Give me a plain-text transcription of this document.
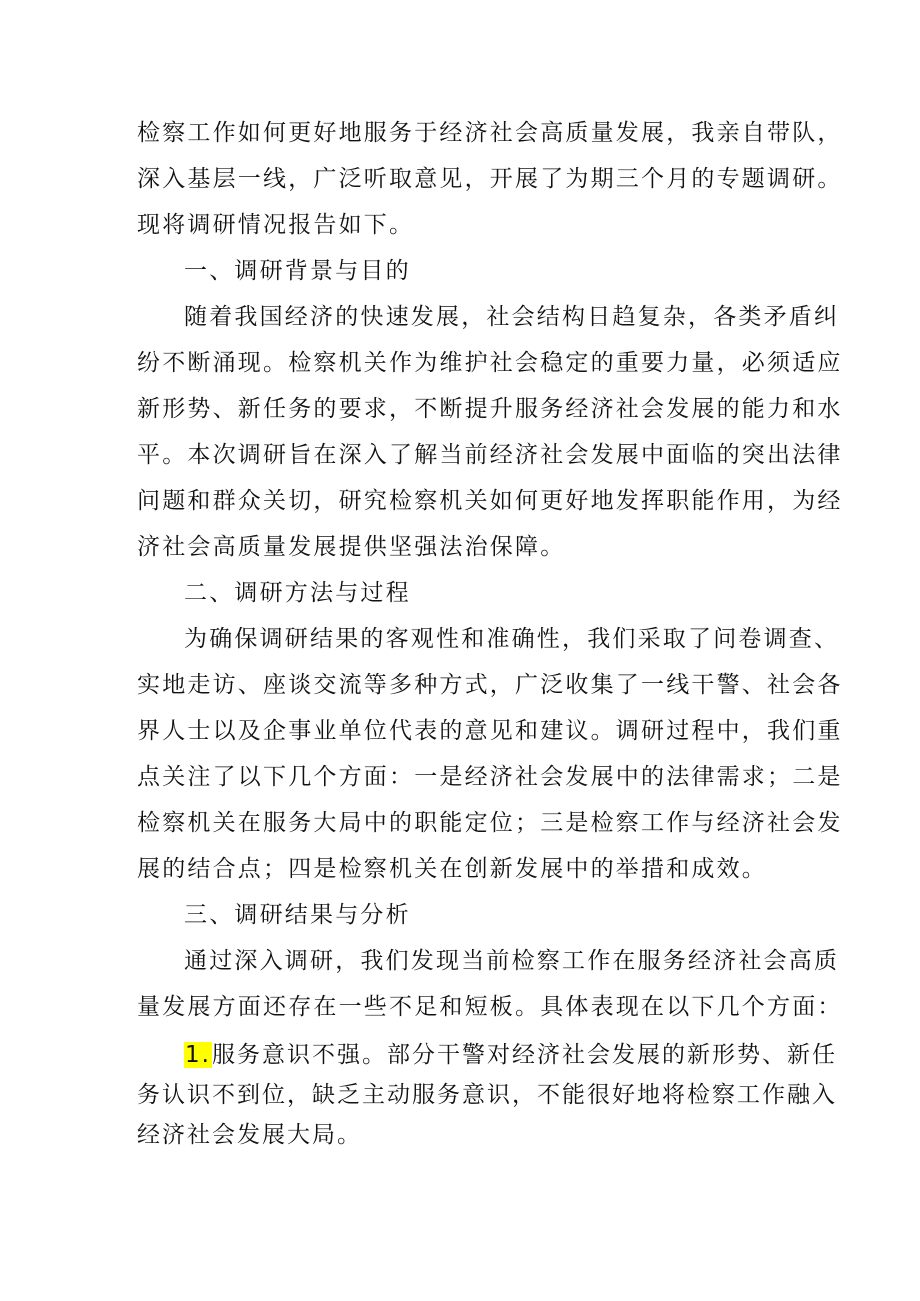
检察工作如何更好地服务于经济社会高质量发展，我亲自带队，
深入基层一线，广泛听取意见，开展了为期三个月的专题调研。
现将调研情况报告如下。
一、调研背景与目的
随着我国经济的快速发展，社会结构日趋复杂，各类矛盾纠
纷不断涌现。检察机关作为维护社会稳定的重要力量，必须适应
新形势、新任务的要求，不断提升服务经济社会发展的能力和水
平。本次调研旨在深入了解当前经济社会发展中面临的突出法律
问题和群众关切，研究检察机关如何更好地发挥职能作用，为经
济社会高质量发展提供坚强法治保障。
二、调研方法与过程
为确保调研结果的客观性和准确性，我们采取了问卷调查、
实地走访、座谈交流等多种方式，广泛收集了一线干警、社会各
界人士以及企事业单位代表的意见和建议。调研过程中，我们重
点关注了以下几个方面：一是经济社会发展中的法律需求；二是
检察机关在服务大局中的职能定位；三是检察工作与经济社会发
展的结合点；四是检察机关在创新发展中的举措和成效。
三、调研结果与分析
通过深入调研，我们发现当前检察工作在服务经济社会高质
量发展方面还存在一些不足和短板。具体表现在以下几个方面：
1.服务意识不强。部分干警对经济社会发展的新形势、新任
务认识不到位，缺乏主动服务意识，不能很好地将检察工作融入
经济社会发展大局。
